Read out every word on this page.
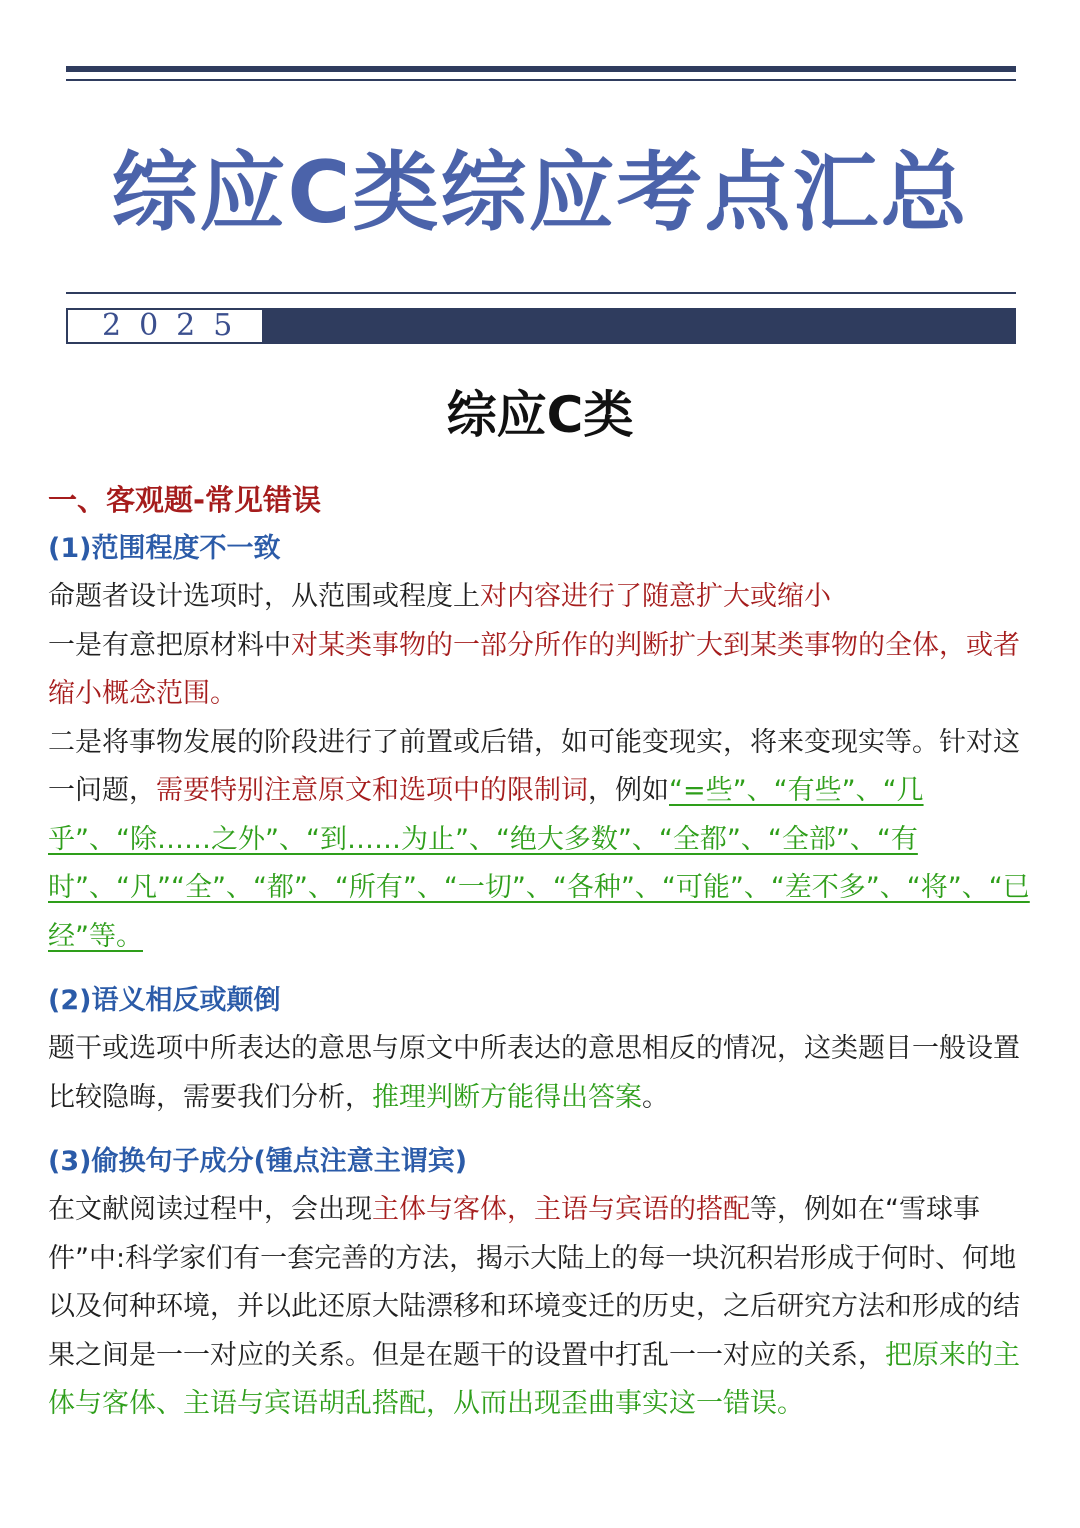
综应C类综应考点汇总
2025
综应C类

一、客观题-常见错误

(1)范围程度不一致

命题者设计选项时，从范围或程度上对内容进行了随意扩大或缩小

一是有意把原材料中对某类事物的一部分所作的判断扩大到某类事物的全体，或者缩小概念范围。

二是将事物发展的阶段进行了前置或后错，如可能变现实，将来变现实等。针对这一问题，需要特别注意原文和选项中的限制词，例如“=些”、“有些”、“几乎”、“除……之外”、“到……为止”、“绝大多数”、“全都”、“全部”、“有时”、“凡”“全”、“都”、“所有”、“一切”、“各种”、“可能”、“差不多”、“将”、“已经”等。

(2)语义相反或颠倒

题干或选项中所表达的意思与原文中所表达的意思相反的情况，这类题目一般设置比较隐晦，需要我们分析，推理判断方能得出答案。

(3)偷换句子成分(锺点注意主谓宾)

在文献阅读过程中，会出现主体与客体，主语与宾语的搭配等，例如在“雪球事件”中:科学家们有一套完善的方法，揭示大陆上的每一块沉积岩形成于何时、何地以及何种环境，并以此还原大陆漂移和环境变迁的历史，之后研究方法和形成的结果之间是一一对应的关系。但是在题干的设置中打乱一一对应的关系，把原来的主体与客体、主语与宾语胡乱搭配，从而出现歪曲事实这一错误。
